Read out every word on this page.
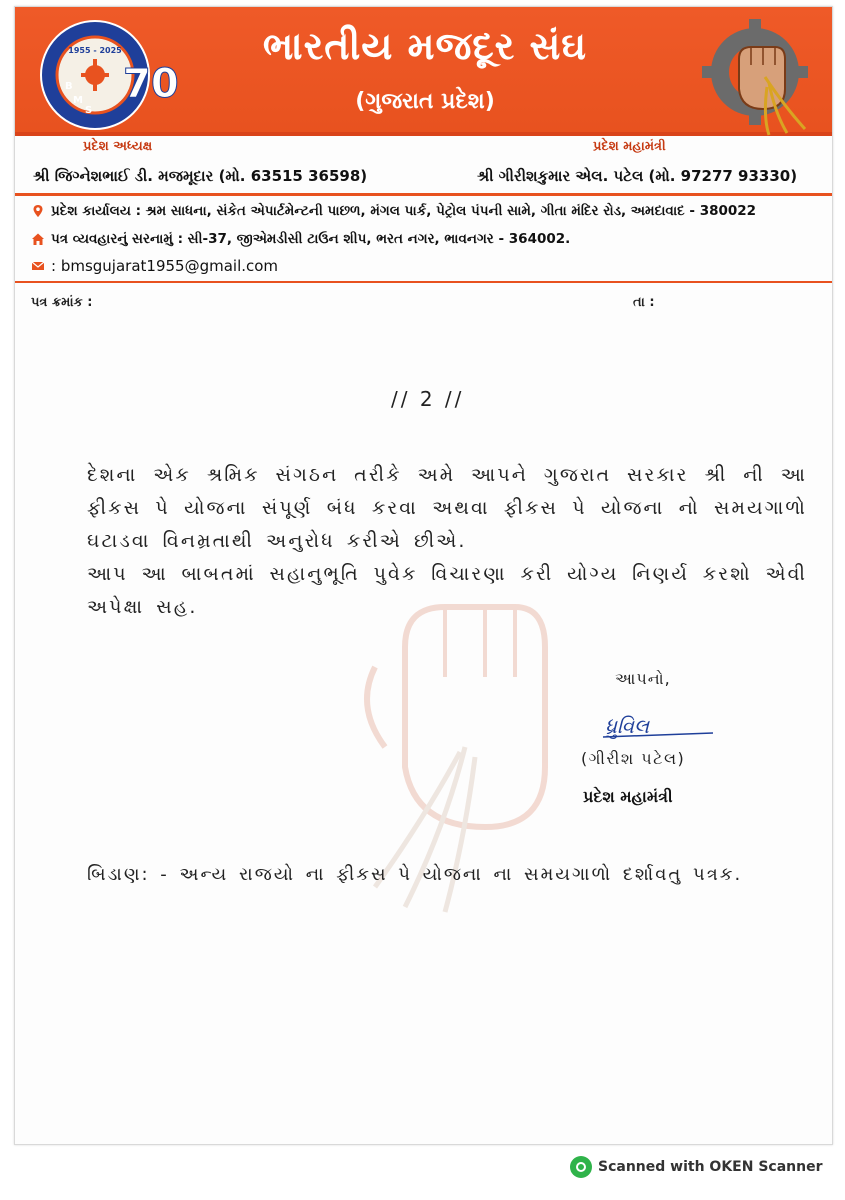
1955 - 2025
70
B
M
S
ભારતીય મજદૂર સંઘ
(ગુજરાત પ્રદેશ)
પ્રદેશ અધ્યક્ષ	પ્રદેશ મહામંત્રી
શ્રી જિગ્નેશભાઈ ડી. મજમૂદાર (મો. 63515 36598)	શ્રી ગીરીશકુમાર એલ. પટેલ (મો. 97277 93330)
પ્રદેશ કાર્યાલય : શ્રમ સાધના, સંકેત એપાર્ટમેન્ટની પાછળ, મંગલ પાર્ક, પેટ્રોલ પંપની સામે, ગીતા મંદિર રોડ, અમદાવાદ - 380022
પત્ર વ્યવહારનું સરનામું : સી-37, જીએમડીસી ટાઉન શીપ, ભરત નગર, ભાવનગર - 364002.
: bmsgujarat1955@gmail.com
પત્ર ક્રમાંક :	તા :
// 2 //

દેશના એક શ્રમિક સંગઠન તરીકે અમે આપને ગુજરાત સરકાર શ્રી ની આ ફીકસ પે યોજના સંપૂર્ણ બંધ કરવા અથવા ફીકસ પે યોજના નો સમયગાળો ઘટાડવા વિનમ્રતાથી અનુરોધ કરીએ છીએ.

આપ આ બાબતમાં સહાનુભૂતિ પુવેક વિચારણા કરી યોગ્ય નિણર્ય કરશો એવી અપેક્ષા સહ.

આપનો,
ધ્રુવિલ
(ગીરીશ પટેલ)
પ્રદેશ મહામંત્રી
બિડાણ: - અન્ય રાજયો ના ફીકસ પે યોજના ના સમયગાળો દર્શાવતુ પત્રક.
Scanned with OKEN Scanner
